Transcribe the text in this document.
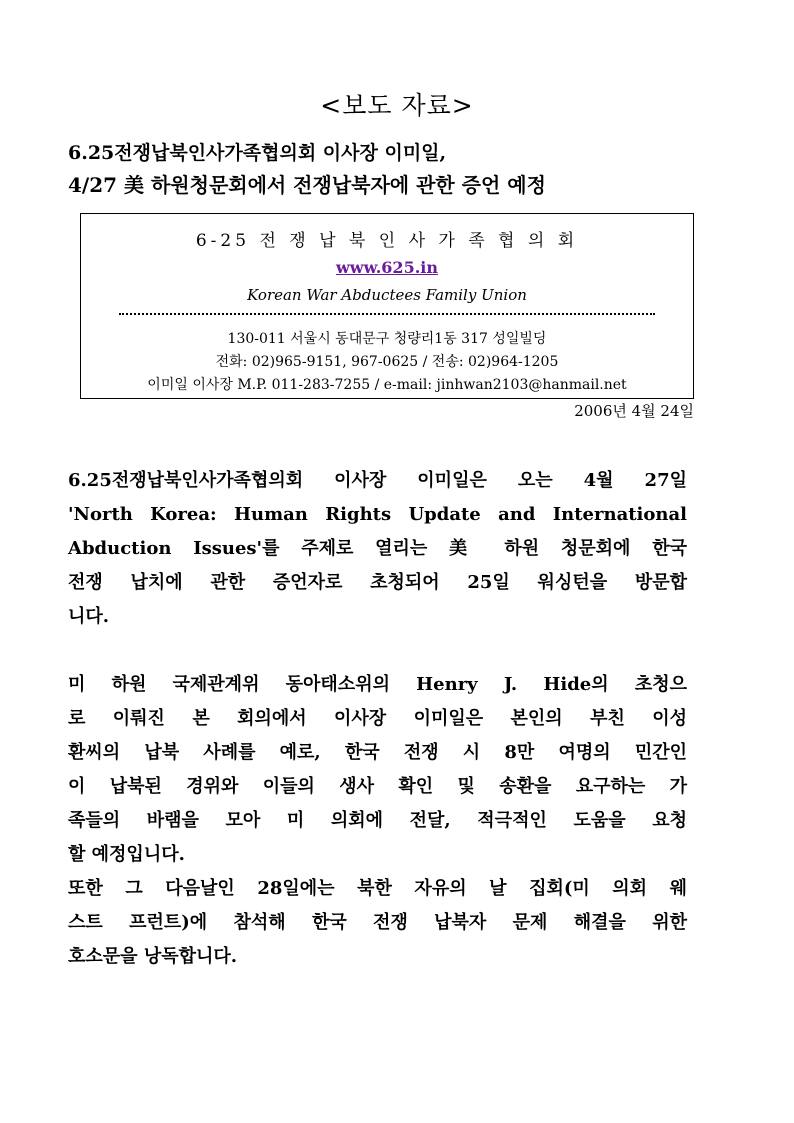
<보도 자료>
6.25전쟁납북인사가족협의회 이사장 이미일,
4/27 美 하원청문회에서 전쟁납북자에 관한 증언 예정
6-25 전 쟁 납 북 인 사 가 족 협 의 회
www.625.in
Korean War Abductees Family Union
130-011 서울시 동대문구 청량리1동 317 성일빌딩
전화: 02)965-9151, 967-0625 / 전송: 02)964-1205
이미일 이사장 M.P. 011-283-7255 / e-mail: jinhwan2103@hanmail.net
2006년 4월 24일
6.25전쟁납북인사가족협의회 이사장 이미일은 오는 4월 27일
'North Korea: Human Rights Update and International
Abduction Issues'를 주제로 열리는 美 하원 청문회에 한국
전쟁 납치에 관한 증언자로 초청되어 25일 워싱턴을 방문합
니다.
미 하원 국제관계위 동아태소위의 Henry J. Hide의 초청으
로 이뤄진 본 회의에서 이사장 이미일은 본인의 부친 이성
환씨의 납북 사례를 예로, 한국 전쟁 시 8만 여명의 민간인
이 납북된 경위와 이들의 생사 확인 및 송환을 요구하는 가
족들의 바램을 모아 미 의회에 전달, 적극적인 도움을 요청
할 예정입니다.
또한 그 다음날인 28일에는 북한 자유의 날 집회(미 의회 웨
스트 프런트)에 참석해 한국 전쟁 납북자 문제 해결을 위한
호소문을 낭독합니다.
